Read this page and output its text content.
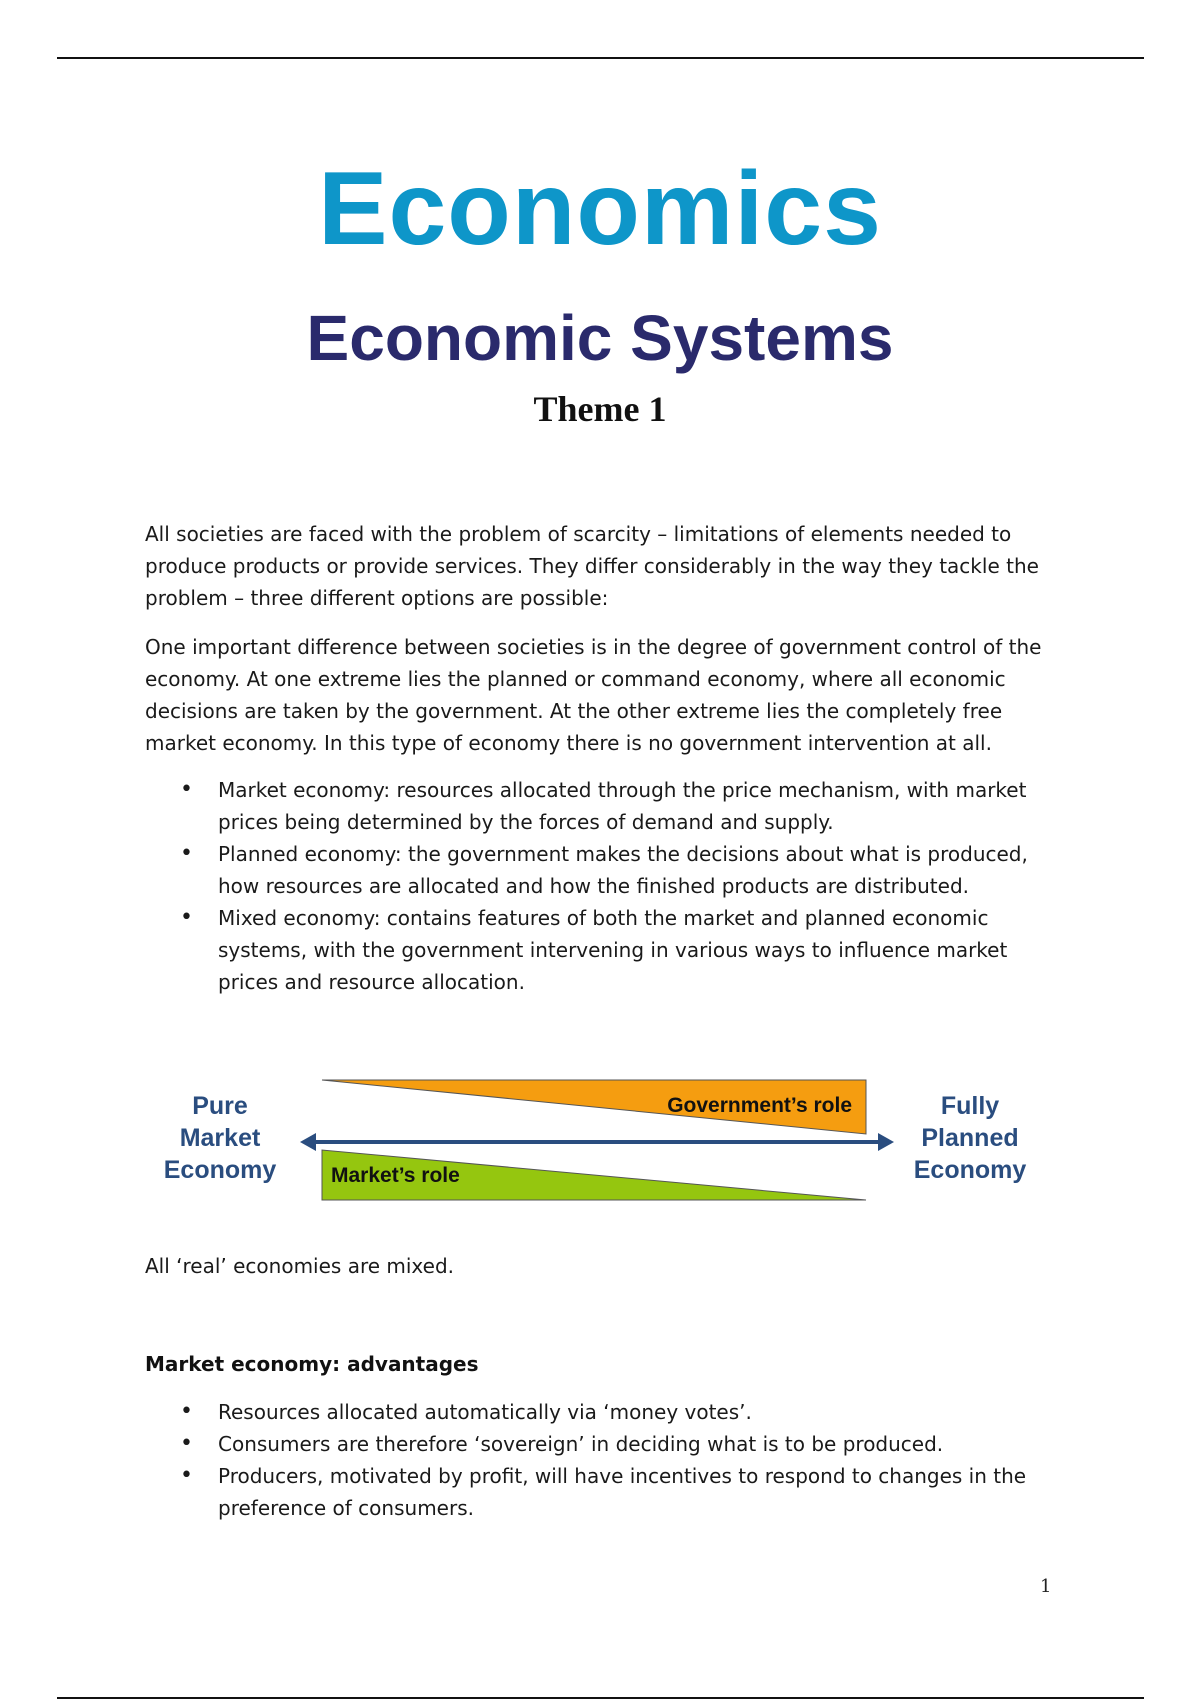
Economics
Economic Systems
Theme 1

All societies are faced with the problem of scarcity – limitations of elements needed to produce products or provide services. They differ considerably in the way they tackle the problem – three different options are possible:

One important difference between societies is in the degree of government control of the economy. At one extreme lies the planned or command economy, where all economic decisions are taken by the government. At the other extreme lies the completely free market economy. In this type of economy there is no government intervention at all.

• Market economy: resources allocated through the price mechanism, with market prices being determined by the forces of demand and supply.
• Planned economy: the government makes the decisions about what is produced, how resources are allocated and how the finished products are distributed.
• Mixed economy: contains features of both the market and planned economic systems, with the government intervening in various ways to influence market prices and resource allocation.
Pure
Market
Economy
Government’s role
Market’s role
Fully
Planned
Economy

All ‘real’ economies are mixed.

Market economy: advantages

• Resources allocated automatically via ‘money votes’.
• Consumers are therefore ‘sovereign’ in deciding what is to be produced.
• Producers, motivated by profit, will have incentives to respond to changes in the preference of consumers.
1
